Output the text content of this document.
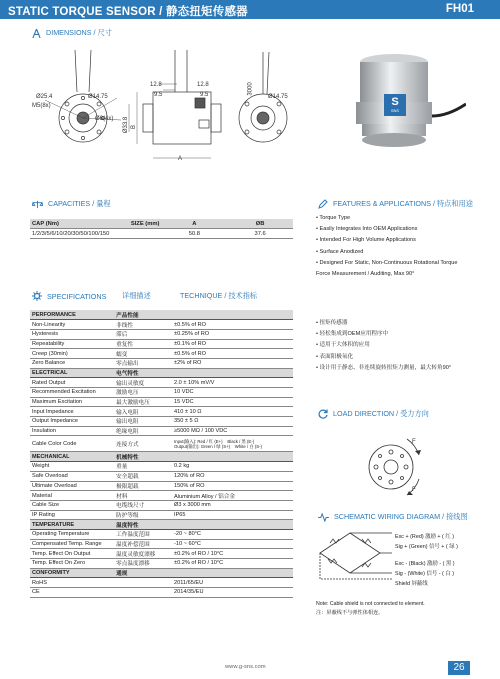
STATIC TORQUE SENSOR / 静态扭矩传感器	FH01
DIMENSIONS / 尺寸
Ø25.4
M5(8x)
Ø14.75
Ø6(4x)
12.8
9.5
Ø33.8 B
A
12.8
9.5	3000
Ø14.75	S
SNS
CAPACITIES / 量程
CAP (Nm)	SIZE (mm)	A	ØB
1/2/3/5/6/10/20/30/50/100/150		50.8	37.6
SPECIFICATIONS 详细描述	TECHNIQUE / 技术指标
PERFORMANCE	产品性能	
Non-Linearity	非线性	±0.5% of RO
Hysteresis	滞后	±0.25% of RO
Repeatability	重复性	±0.1% of RO
Creep (30min)	蠕变	±0.5% of RO
Zero Balance	零点输出	±2% of RO
ELECTRICAL	电气特性	
Rated Output	输出灵敏度	2.0 ± 10% mV/V
Recommended Excitation	激励电压	10 VDC
Maximum Excitation	最大激励电压	15 VDC
Input Impedance	输入电阻	410 ± 10 Ω
Output Impedance	输出电阻	350 ± 5 Ω
Insulation	绝缘电阻	≥5000 MΩ / 100 VDC
Cable Color Code	连接方式	Input(输入): Red / 红 (E+)    Black / 黑 (E-)
Output(输出): Green / 绿 (S+)    White / 白 (S-)

MECHANICAL	机械特性	
Weight	重量	0.2 kg
Safe Overload	安全超载	120% of RO
Ultimate Overload	极限超载	150% of RO
Material	材料	Aluminium Alloy / 铝合金
Cable Size	电缆线尺寸	Ø3 x 3000 mm
IP Rating	防护等级	IP65
TEMPERATURE	温度特性	
Operating Temperature	工作温度范围	-20 ~ 80°C
Compensated Temp. Range	温度补偿范围	-10 ~ 60°C
Temp. Effect On Output	温度灵敏度漂移	±0.2% of RO / 10°C
Temp. Effect On Zero	零点温度漂移	±0.2% of RO / 10°C
CONFORMITY	通规	
RoHS		2011/65/EU
CE		2014/35/EU
FEATURES & APPLICATIONS / 特点和用途
• Torque Type
• Easily Integrates Into OEM Applications
• Intended For High Volume Applications
• Surface Anodized
• Designed For Static, Non-Continuous Rotational Torque
Force Measurement / Auditing, Max 90°
• 扭矩传感器
• 轻松集成到OEM应用程序中
• 适用于大体积的应用
• 表面阳极氧化
• 设计用于静态、非连续旋转扭矩力测量，最大转角90°
LOAD DIRECTION / 受力方向
F
F
SCHEMATIC WIRING DIAGRAM / 接线图
Exc + (Red) 激励 + ( 红 )
Sig + (Green) 信号 + ( 绿 )
Exc - (Black) 激励 - ( 黑 )
Sig - (White) 信号 - ( 白 )
Shield 屏蔽线
Note: Cable shield is not connected to element.
注：屏蔽线不与弹性体相连。
www.g-sns.com	26
